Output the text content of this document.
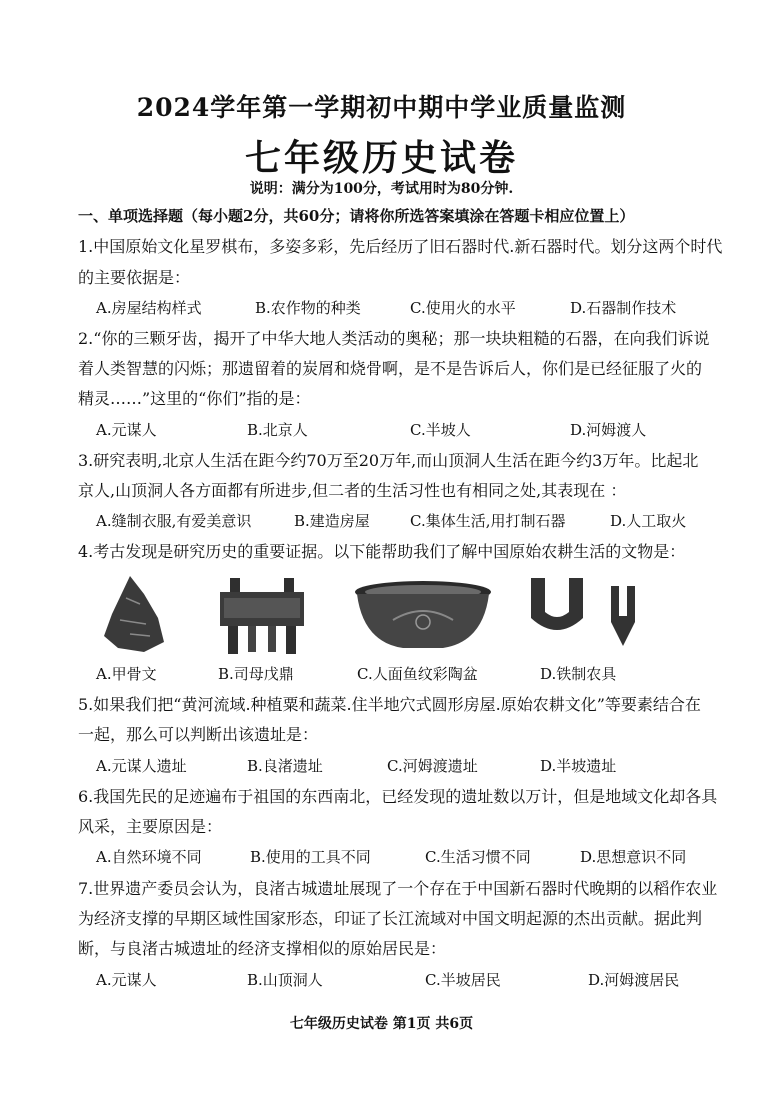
2024学年第一学期初中期中学业质量监测
七年级历史试卷
说明：满分为100分，考试用时为80分钟.
一、单项选择题（每小题2分，共60分；请将你所选答案填涂在答题卡相应位置上）
1.中国原始文化星罗棋布，多姿多彩，先后经历了旧石器时代.新石器时代。划分这两个时代
的主要依据是：
A.房屋结构样式	B.农作物的种类	C.使用火的水平	D.石器制作技术
2.“你的三颗牙齿，揭开了中华大地人类活动的奥秘；那一块块粗糙的石器，在向我们诉说
着人类智慧的闪烁；那遗留着的炭屑和烧骨啊，是不是告诉后人，你们是已经征服了火的
精灵……”这里的“你们”指的是：
A.元谋人	B.北京人	C.半坡人	D.河姆渡人
3.研究表明,北京人生活在距今约70万至20万年,而山顶洞人生活在距今约3万年。比起北
京人,山顶洞人各方面都有所进步,但二者的生活习性也有相同之处,其表现在 ：
A.缝制衣服,有爱美意识	B.建造房屋	C.集体生活,用打制石器	D.人工取火
4.考古发现是研究历史的重要证据。以下能帮助我们了解中国原始农耕生活的文物是：
A.甲骨文	B.司母戊鼎	C.人面鱼纹彩陶盆	D.铁制农具
5.如果我们把“黄河流域.种植粟和蔬菜.住半地穴式圆形房屋.原始农耕文化”等要素结合在
一起，那么可以判断出该遗址是：
A.元谋人遗址	B.良渚遗址	C.河姆渡遗址	D.半坡遗址
6.我国先民的足迹遍布于祖国的东西南北，已经发现的遗址数以万计，但是地域文化却各具
风采，主要原因是：
A.自然环境不同	B.使用的工具不同	C.生活习惯不同	D.思想意识不同
7.世界遗产委员会认为，良渚古城遗址展现了一个存在于中国新石器时代晚期的以稻作农业
为经济支撑的早期区域性国家形态，印证了长江流域对中国文明起源的杰出贡献。据此判
断，与良渚古城遗址的经济支撑相似的原始居民是：
A.元谋人	B.山顶洞人	C.半坡居民	D.河姆渡居民
七年级历史试卷 第1页 共6页
